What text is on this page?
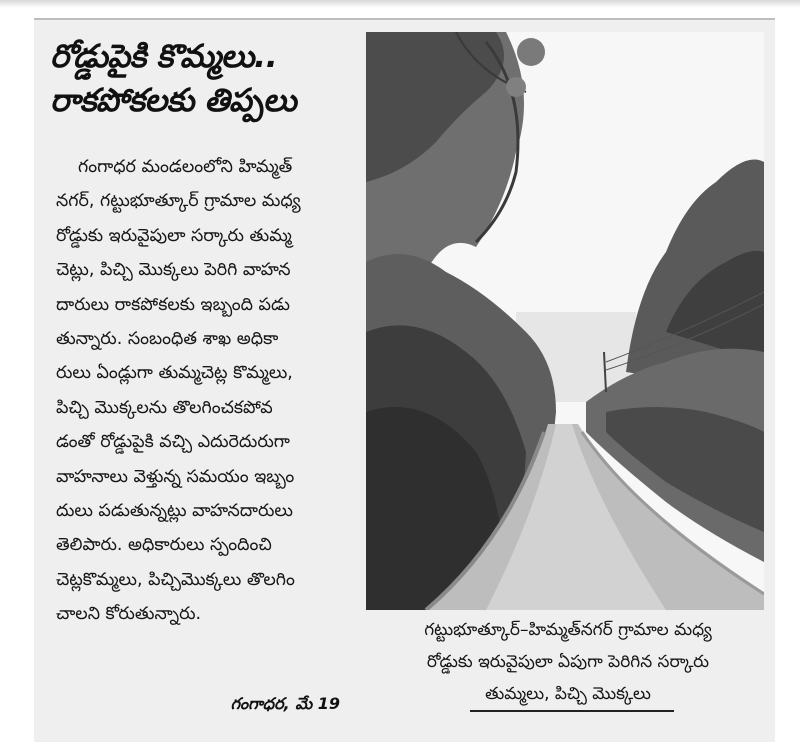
రోడ్డుపైకి కొమ్మలు..
రాకపోకలకు తిప్పలు
గంగాధర మండలంలోని హిమ్మత్
నగర్, గట్టుభూత్కూర్ గ్రామాల మధ్య
రోడ్డుకు ఇరువైపులా సర్కారు తుమ్మ
చెట్లు, పిచ్చి మొక్కలు పెరిగి వాహన
దారులు రాకపోకలకు ఇబ్బంది పడు
తున్నారు. సంబంధిత శాఖ అధికా
రులు ఏండ్లుగా తుమ్మచెట్ల కొమ్మలు,
పిచ్చి మొక్కలను తొలగించకపోవ
డంతో రోడ్డుపైకి వచ్చి ఎదురెదురుగా
వాహనాలు వెళ్తున్న సమయం ఇబ్బం
దులు పడుతున్నట్లు వాహనదారులు
తెలిపారు. అధికారులు స్పందించి
చెట్లకొమ్మలు, పిచ్చిమొక్కలు తొలగిం
చాలని కోరుతున్నారు.
గంగాధర, మే 19
గట్టుభూత్కూర్–హిమ్మత్‌నగర్ గ్రామాల మధ్య
రోడ్డుకు ఇరువైపులా ఏపుగా పెరిగిన సర్కారు
తుమ్మలు, పిచ్చి మొక్కలు
